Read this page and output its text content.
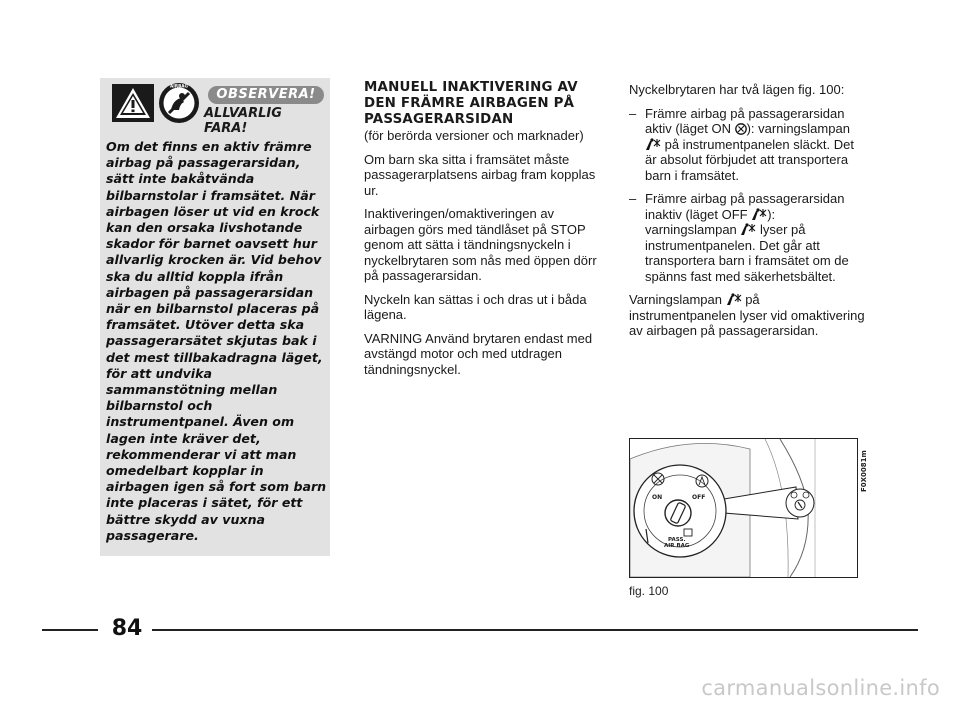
AIRBAG
OBSERVERA!
ALLVARLIG FARA!
Om det finns en aktiv främre airbag på passagerarsidan, sätt inte bakåtvända bilbarnstolar i framsätet. När airbagen löser ut vid en krock kan den orsaka livshotande skador för barnet oavsett hur allvarlig krocken är. Vid behov ska du alltid koppla ifrån airbagen på passagerarsidan när en bilbarnstol placeras på framsätet. Utöver detta ska passagerarsätet skjutas bak i det mest tillbakadragna läget, för att undvika sammanstötning mellan bilbarnstol och instrumentpanel. Även om lagen inte kräver det, rekommenderar vi att man omedelbart kopplar in airbagen igen så fort som barn inte placeras i sätet, för ett bättre skydd av vuxna passagerare.
MANUELL INAKTIVERING AV DEN FRÄMRE AIRBAGEN PÅ PASSAGERARSIDAN
(för berörda versioner och marknader)
Om barn ska sitta i framsätet måste passagerarplatsens airbag fram kopplas ur.
Inaktiveringen/omaktiveringen av airbagen görs med tändlåset på STOP genom att sätta i tändningsnyckeln i nyckelbrytaren som nås med öppen dörr på passagerarsidan.
Nyckeln kan sättas i och dras ut i båda lägena.
VARNING Använd brytaren endast med avstängd motor och med utdragen tändningsnyckel.
Nyckelbrytaren har två lägen fig. 100:
– Främre airbag på passagerarsidan aktiv (läget ON ): varningslampan  på instrumentpanelen släckt. Det är absolut förbjudet att transportera barn i framsätet.
– Främre airbag på passagerarsidan inaktiv (läget OFF ): varningslampan  lyser på instrumentpanelen. Det går att transportera barn i framsätet om de spänns fast med säkerhetsbältet.
Varningslampan  på instrumentpanelen lyser vid omaktivering av airbagen på passagerarsidan.
ON	OFF
PASS.
AIR BAG
F0X0081m
fig. 100
84
carmanualsonline.info
